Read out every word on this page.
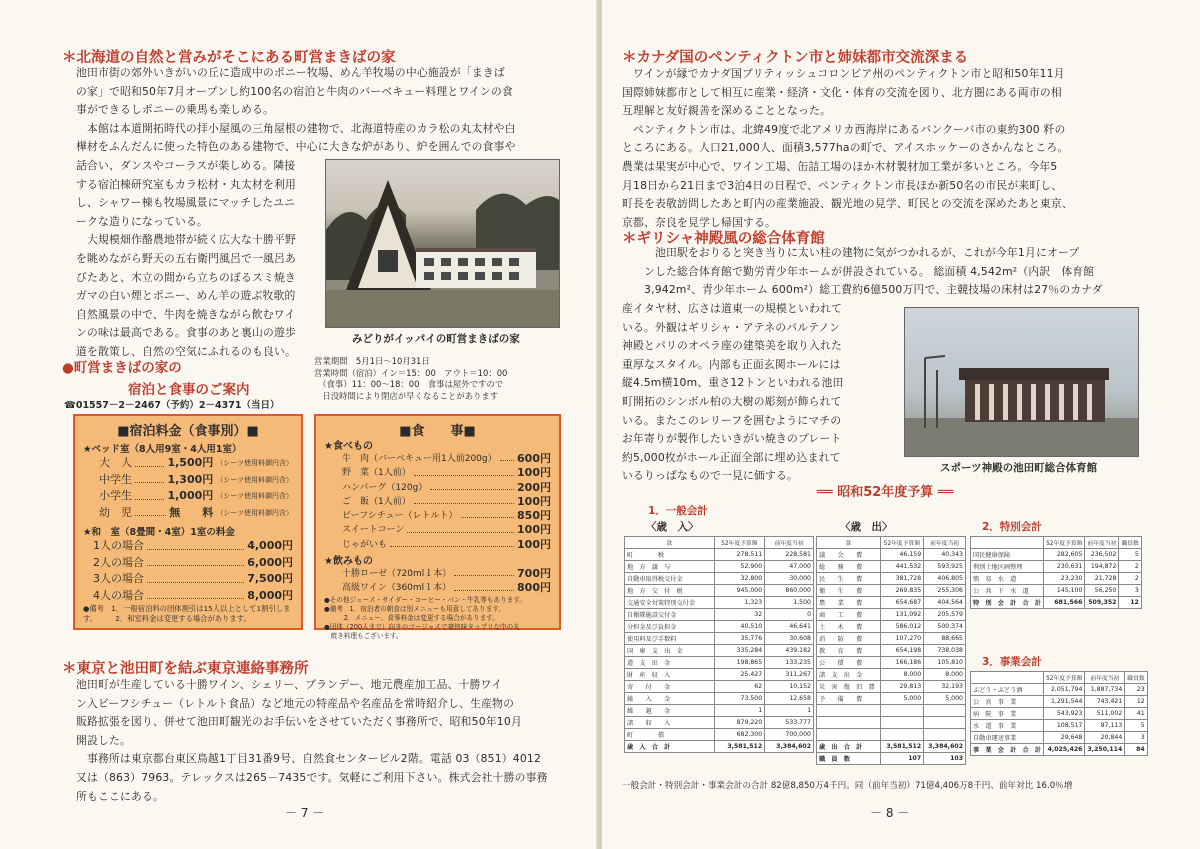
＊北海道の自然と営みがそこにある町営まきばの家
池田市街の郊外いきがいの丘に造成中のポニー牧場、めん羊牧場の中心施設が「まきば
の家」で昭和50年7月オープンし約100名の宿泊と牛肉のバーベキュー料理とワインの食
事ができるしポニーの乗馬も楽しめる。
　本館は本道開拓時代の拝小屋風の三角屋根の建物で、北海道特産のカラ松の丸太材や白
樺材をふんだんに使った特色のある建物で、中心に大きな炉があり、炉を囲んでの食事や
話合い、ダンスやコーラスが楽しめる。隣接
する宿泊棟研究室もカラ松材・丸太材を利用
し、シャワー棟も牧場風景にマッチしたユニ
ークな造りになっている。
　大規模畑作酪農地帯が続く広大な十勝平野
を眺めながら野天の五右衛門風呂で一風呂あ
びたあと、木立の間から立ちのぼるスミ焼き
ガマの白い煙とポニー、めん羊の遊ぶ牧歌的
自然風景の中で、牛肉を焼きながら飲むワイ
ンの味は最高である。食事のあと裏山の遊歩
道を散策し、自然の空気にふれるのも良い。
みどりがイッパイの町営まきばの家
●町営まきばの家の
宿泊と食事のご案内
☎01557－2－2467（予約）2－4371（当日）
営業期間　5月1日～10月31日
営業時間（宿泊）イン＝15：00　アウト＝10：00
　（食事）11：00～18：00　食事は屋外ですので
　日没時間により閉店が早くなることがあります
■宿泊料金（食事別）■
★ベッド室（8人用9室・4人用1室）
大　人	1,500円 （シーツ使用料御円含）
中学生	1,300円 （シーツ使用料御円含）
小学生	1,000円 （シーツ使用料御円含）
幼　児	無　　料 （シーツ使用料御円含）
★和　室（8畳間・4室）1室の料金
1人の場合	4,000円
2人の場合	6,000円
3人の場合	7,500円
4人の場合	8,000円
●備考　1．一般宿泊料の団体割引は15人以上として1割引します。　　　2．和室料金は変更する場合があります。
■食　　事■
★食べもの
牛　肉（バーベキュー用1人前200g） 600円
野　菜（1人前）	100円
ハンバーグ（120g）	200円
ご　飯（1人前）	100円
ビーフシチュー（レトルト）	850円
スイートコーン	100円
じゃがいも	100円
★飲みもの
十勝ローゼ（720ml１本）	700円
高級ワイン（360ml１本）	800円
●その他ジュース・サイダー・コーヒー・パン・牛乳等もあります。
●備考　1．宿泊者の朝食は別メニューも用意してあります。
　　　2．メニュー、食事料金は変更する場合があります。
●団体（200人まで）向きのゴージャスで豪快味タップリな中の丸
　焼き料理もございます。
＊東京と池田町を結ぶ東京連絡事務所
池田町が生産している十勝ワイン、シェリー、ブランデー、地元農産加工品、十勝ワイ
ン入ビーフシチュー（レトルト食品）など地元の特産品や名産品を常時紹介し、生産物の
販路拡張を図り、併せて池田町観光のお手伝いをさせていただく事務所で、昭和50年10月
開設した。
　事務所は東京都台東区鳥越1丁目31番9号、自然食センタービル2階。電話 03（851）4012
又は（863）7963。テレックスは265－7435です。気軽にご利用下さい。株式会社十勝の事務
所もここにある。
－ 7 －
＊カナダ国のペンティクトン市と姉妹都市交流深まる
　ワインが縁でカナダ国ブリティッシュコロンビア州のペンティクトン市と昭和50年11月
国際姉妹都市として相互に産業・経済・文化・体育の交流を図り、北方圏にある両市の相
互理解と友好親善を深めることとなった。
　ペンティクトン市は、北緯49度で北アメリカ西海岸にあるバンクーバ市の東約300 粁の
ところにある。人口21,000人、面積3,577haの町で、アイスホッケーのさかんなところ。
農業は果実が中心で、ワイン工場、缶詰工場のほか木材製材加工業が多いところ。今年5
月18日から21日まで3泊4日の日程で、ペンティクトン市長ほか新50名の市民が来町し、
町長を表敬訪問したあと町内の産業施設、観光地の見学、町民との交流を深めたあと東京、
京都、奈良を見学し帰国する。
＊ギリシャ神殿風の総合体育館
　池田駅をおりると突き当りに太い柱の建物に気がつかれるが、これが今年1月にオープ
ンした総合体育館で勤労青少年ホームが併設されている。 総面積 4,542m²（内訳　体育館
3,942m²、青少年ホーム 600m²）総工費約6億500万円で、主競技場の床材は27％のカナダ
産イタヤ材、広さは道東一の規模といわれて
いる。外観はギリシャ・アテネのパルテノン
神殿とパリのオペラ座の建築美を取り入れた
重厚なスタイル。内部も正面玄関ホールには
縦4.5m横10m、重さ12トンといわれる池田
町開拓のシンボル柏の大樹の彫刻が飾られて
いる。またこのレリーフを囲むようにマチの
お年寄りが製作したいきがい焼きのプレート
約5,000枚がホール正面全部に埋め込まれて
いるりっぱなもので一見に価する。
スポーツ神殿の池田町総合体育館
══ 昭和52年度予算 ══
1．一般会計
〈歳　入〉	〈歳　出〉	2．特別会計
3．事業会計
款	52年度予算額	前年度当初
町　　　　税	278,511	228,581
地　方　譲　与	52,900	47,000
自動車取得税交付金	32,800	30,000
地　方　交　付　税	945,000	860,000
交通安全対策特別交付金	1,323	1,500
自衛隊施設交付金	32	0
分担金及び負担金	40,510	46,641
使用料及び手数料	35,776	30,608
国　庫　支　出　金	335,284	439,182
道　支　出　金	198,865	133,235
財　産　収　入	25,427	311,267
寄　　付　　金	62	10,152
繰　　入　　金	73,500	12,658
繰　　越　　金	1	1
諸　　収　　入	879,220	533,777
町　　　　債	682,300	700,000
歳　入　合　計	3,581,512	3,384,602
款	52年度予算額	前年度当初
議　　会　　費	46,159	40,343
総　　務　　費	441,532	593,925
民　　生　　費	381,728	406,805
衛　　生　　費	269,835	255,306
農　　業　　費	654,687	404,564
商　　工　　費	131,092	205,579
土　　木　　費	586,012	500,374
消　　防　　費	107,270	88,665
教　　育　　費	654,198	738,038
公　　債　　費	166,186	105,810
諸　支　出　金	8,000	8,000
災　害　復　旧　費	29,813	32,193
予　　備　　費	5,000	5,000

歳　出　合　計	3,581,512	3,384,602
職　員　数	107	103
	52年度予算額	前年度当初	職員数
国民健康保険	282,605	236,502	5
利別土地区画整理	230,631	194,872	2
簡　易　水　道	23,230	21,728	2
公　共　下　水　道	145,100	56,250	3
特　別　会　計　合　計	681,566	509,352	12
	52年度予算額	前年度当初	職員数
ぶどう・ぶどう酒	2,051,794	1,887,734	23
公　営　事　業	1,291,544	743,421	12
病　院　事　業	543,923	511,002	41
水　道　事　業	108,517	87,113	5
自動車運送事業	29,648	20,844	3
事　業　会　計　合　計	4,025,426	3,250,114	84
一般会計・特別会計・事業会計の合計 82億8,850万4千円。同（前年当初）71億4,406万8千円、前年対比 16.0％増
－ 8 －
